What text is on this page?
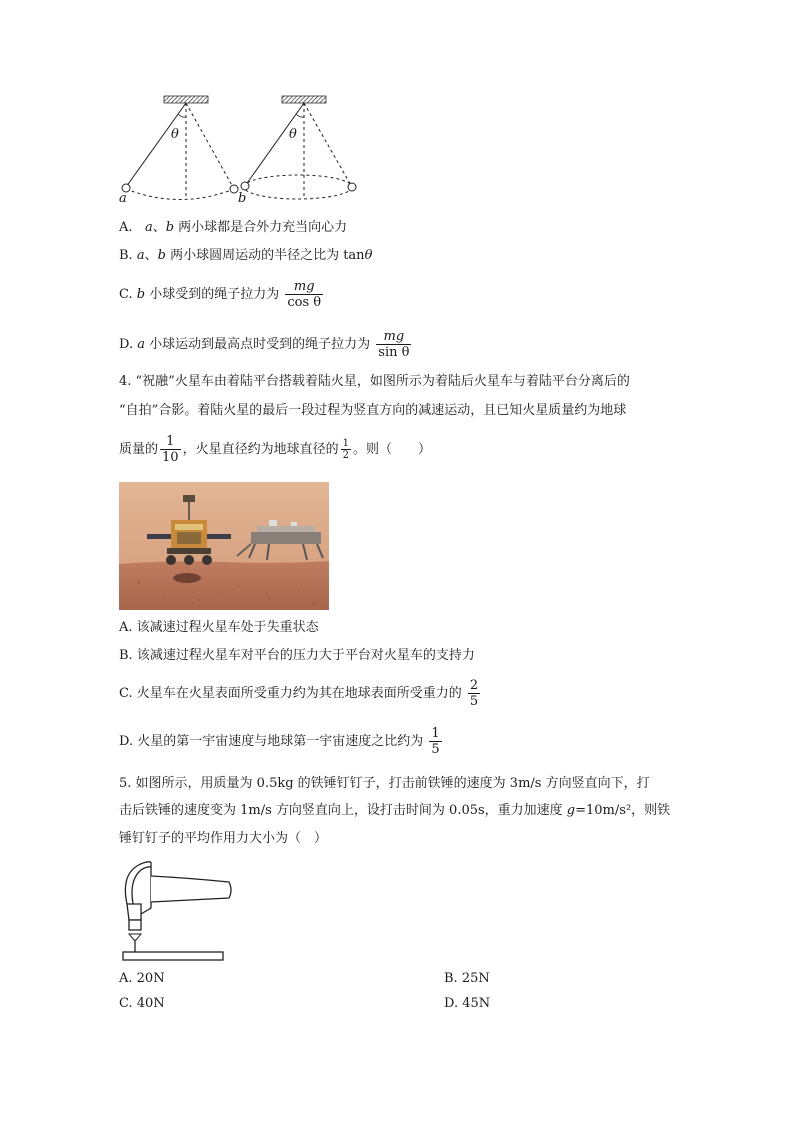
θ	θ
a	b
A. a、b 两小球都是合外力充当向心力
B. a、b 两小球圆周运动的半径之比为 tanθ
C. b 小球受到的绳子拉力为 $\frac{mg}{\text{cos θ}}$
D. a 小球运动到最高点时受到的绳子拉力为 $\frac{mg}{\text{sin θ}}$
4. “祝融”火星车由着陆平台搭载着陆火星，如图所示为着陆后火星车与着陆平台分离后的
“自拍”合影。着陆火星的最后一段过程为竖直方向的减速运动，且已知火星质量约为地球
质量的 $\frac{1}{10}$ ，火星直径约为地球直径的 $\frac{1}{2}$ 。则（　　）
A. 该减速过程火星车处于失重状态
B. 该减速过程火星车对平台的压力大于平台对火星车的支持力
C. 火星车在火星表面所受重力约为其在地球表面所受重力的 $\frac{2}{5}$
D. 火星的第一宇宙速度与地球第一宇宙速度之比约为 $\frac{1}{5}$
5. 如图所示，用质量为 0.5kg 的铁锤钉钉子，打击前铁锤的速度为 3m/s 方向竖直向下，打
击后铁锤的速度变为 1m/s 方向竖直向上，设打击时间为 0.05s，重力加速度 g=10m/s²，则铁
锤钉钉子的平均作用力大小为（　）
A. 20N	B. 25N
C. 40N	D. 45N
